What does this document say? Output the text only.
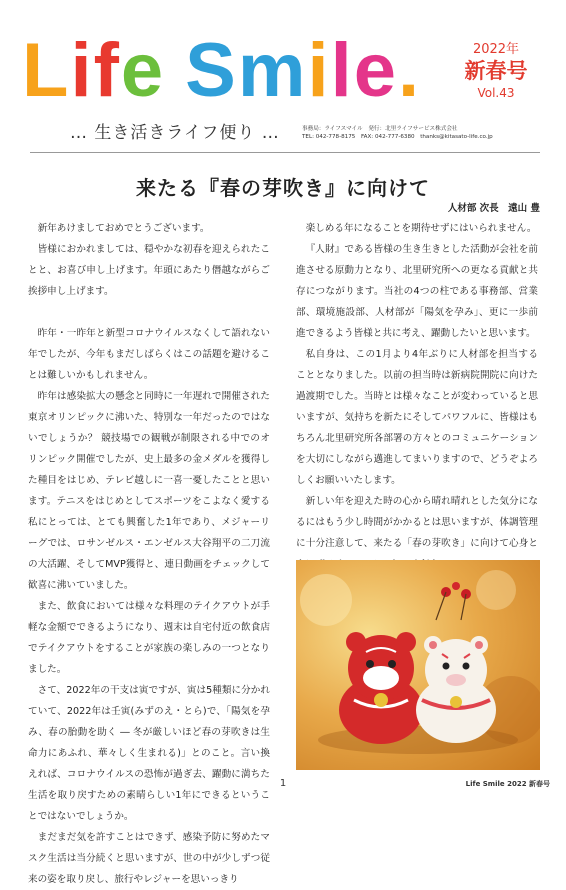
Life Smile.
… 生き活きライフ便り …
2022年
新春号
Vol.43
事務局：ライフスマイル　発行：北里ライフサービス株式会社
TEL: 042-778-8175　FAX: 042-777-6380　thanks@kitasato-life.co.jp
来たる『春の芽吹き』に向けて
人材部 次長　遠山 豊

新年あけましておめでとうございます。

皆様におかれましては、穏やかな初春を迎えられたことと、お喜び申し上げます。年頭にあたり僭越ながらご挨拶申し上げます。

昨年・一昨年と新型コロナウイルスなくして語れない年でしたが、今年もまだしばらくはこの話題を避けることは難しいかもしれません。

昨年は感染拡大の懸念と同時に一年遅れで開催された東京オリンピックに沸いた、特別な一年だったのではないでしょうか？ 競技場での観戦が制限される中でのオリンピック開催でしたが、史上最多の金メダルを獲得した種目をはじめ、テレビ越しに一喜一憂したことと思います。テニスをはじめとしてスポーツをこよなく愛する私にとっては、とても興奮した1年であり、メジャーリーグでは、ロサンゼルス・エンゼルス大谷翔平の二刀流の大活躍、そしてMVP獲得と、連日動画をチェックして歓喜に沸いていました。

また、飲食においては様々な料理のテイクアウトが手軽な金額でできるようになり、週末は自宅付近の飲食店でテイクアウトをすることが家族の楽しみの一つとなりました。

さて、2022年の干支は寅ですが、寅は5種類に分かれていて、2022年は壬寅(みずのえ・とら)で、「陽気を孕み、春の胎動を助く ― 冬が厳しいほど春の芽吹きは生命力にあふれ、華々しく生まれる)」とのこと。言い換えれば、コロナウイルスの恐怖が過ぎ去、躍動に満ちた生活を取り戻すための素晴らしい1年にできるということではないでしょうか。

まだまだ気を許すことはできず、感染予防に努めたマスク生活は当分続くと思いますが、世の中が少しずつ従来の姿を取り戻し、旅行やレジャーを思いっきり

楽しめる年になることを期待せずにはいられません。

『人財』である皆様の生き生きとした活動が会社を前進させる原動力となり、北里研究所への更なる貢献と共存につながります。当社の4つの柱である事務部、営業部、環境施設部、人材部が「陽気を孕み」、更に一歩前進できるよう皆様と共に考え、躍動したいと思います。

私自身は、この1月より4年ぶりに人材部を担当することとなりました。以前の担当時は新病院開院に向けた過渡期でした。当時とは様々なことが変わっていると思いますが、気持ちを新たにそしてパワフルに、皆様はもちろん北里研究所各部署の方々とのコミュニケーションを大切にしながら邁進してまいりますので、どうぞよろしくお願いいたします。

新しい年を迎えた時の心から晴れ晴れとした気分になるにはもう少し時間がかかるとは思いますが、体調管理に十分注意して、来たる「春の芽吹き」に向けて心身と

1	Life Smile 2022 新春号
